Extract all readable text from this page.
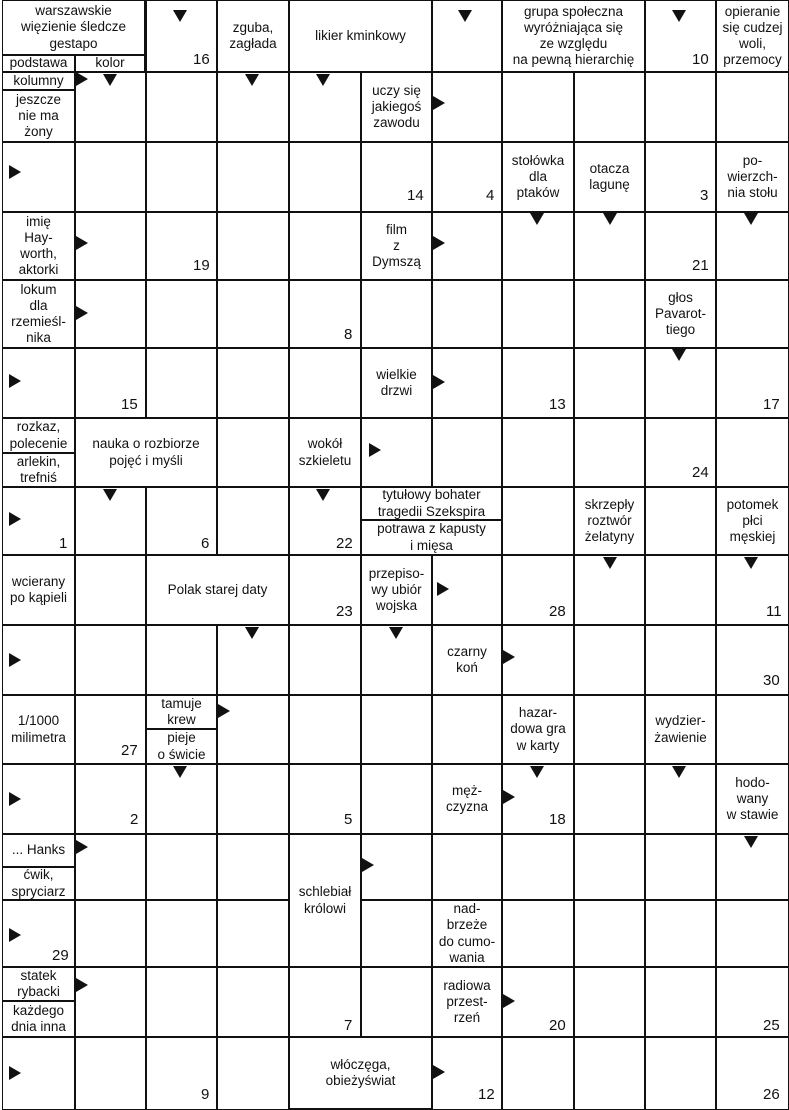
warszawskie
więzienie śledcze
gestapo
podstawa	kolor
kolumny
jeszcze
nie ma
żony
zguba,
zagłada
likier kminkowy
grupa społeczna
wyróżniająca się
ze względu
na pewną hierarchię
opieranie
się cudzej
woli,
przemocy
uczy się
jakiegoś
zawodu
stołówka
dla
ptaków
otacza
lagunę
po-
wierzch-
nia stołu
imię
Hay-
worth,
aktorki
film
z
Dymszą
lokum
dla
rzemieśl-
nika
głos
Pavarot-
tiego
wielkie
drzwi
rozkaz,
polecenie
arlekin,
trefniś
nauka o rozbiorze
pojęć i myśli
wokół
szkieletu
tytułowy bohater
tragedii Szekspira
potrawa z kapusty
i mięsa
skrzepły
roztwór
żelatyny
potomek
płci
męskiej
wcierany
po kąpieli
Polak starej daty
przepiso-
wy ubiór
wojska
czarny
koń
1/1000
milimetra
tamuje
krew
pieje
o świcie
hazar-
dowa gra
w karty
wydzier-
żawienie
męż-
czyzna
hodo-
wany
w stawie
... Hanks
ćwik,
spryciarz	schlebiał
królowi	nad-
brzeże
do cumo-
wania
statek
rybacki
każdego
dnia inna
radiowa
przest-
rzeń
włóczęga,
obieżyświat
16	10
14	4	3
19	21
8
15	13	17
24
1	6	22
23	28	11
30
27
2	5	18
29
7	20	25
9	12	26
